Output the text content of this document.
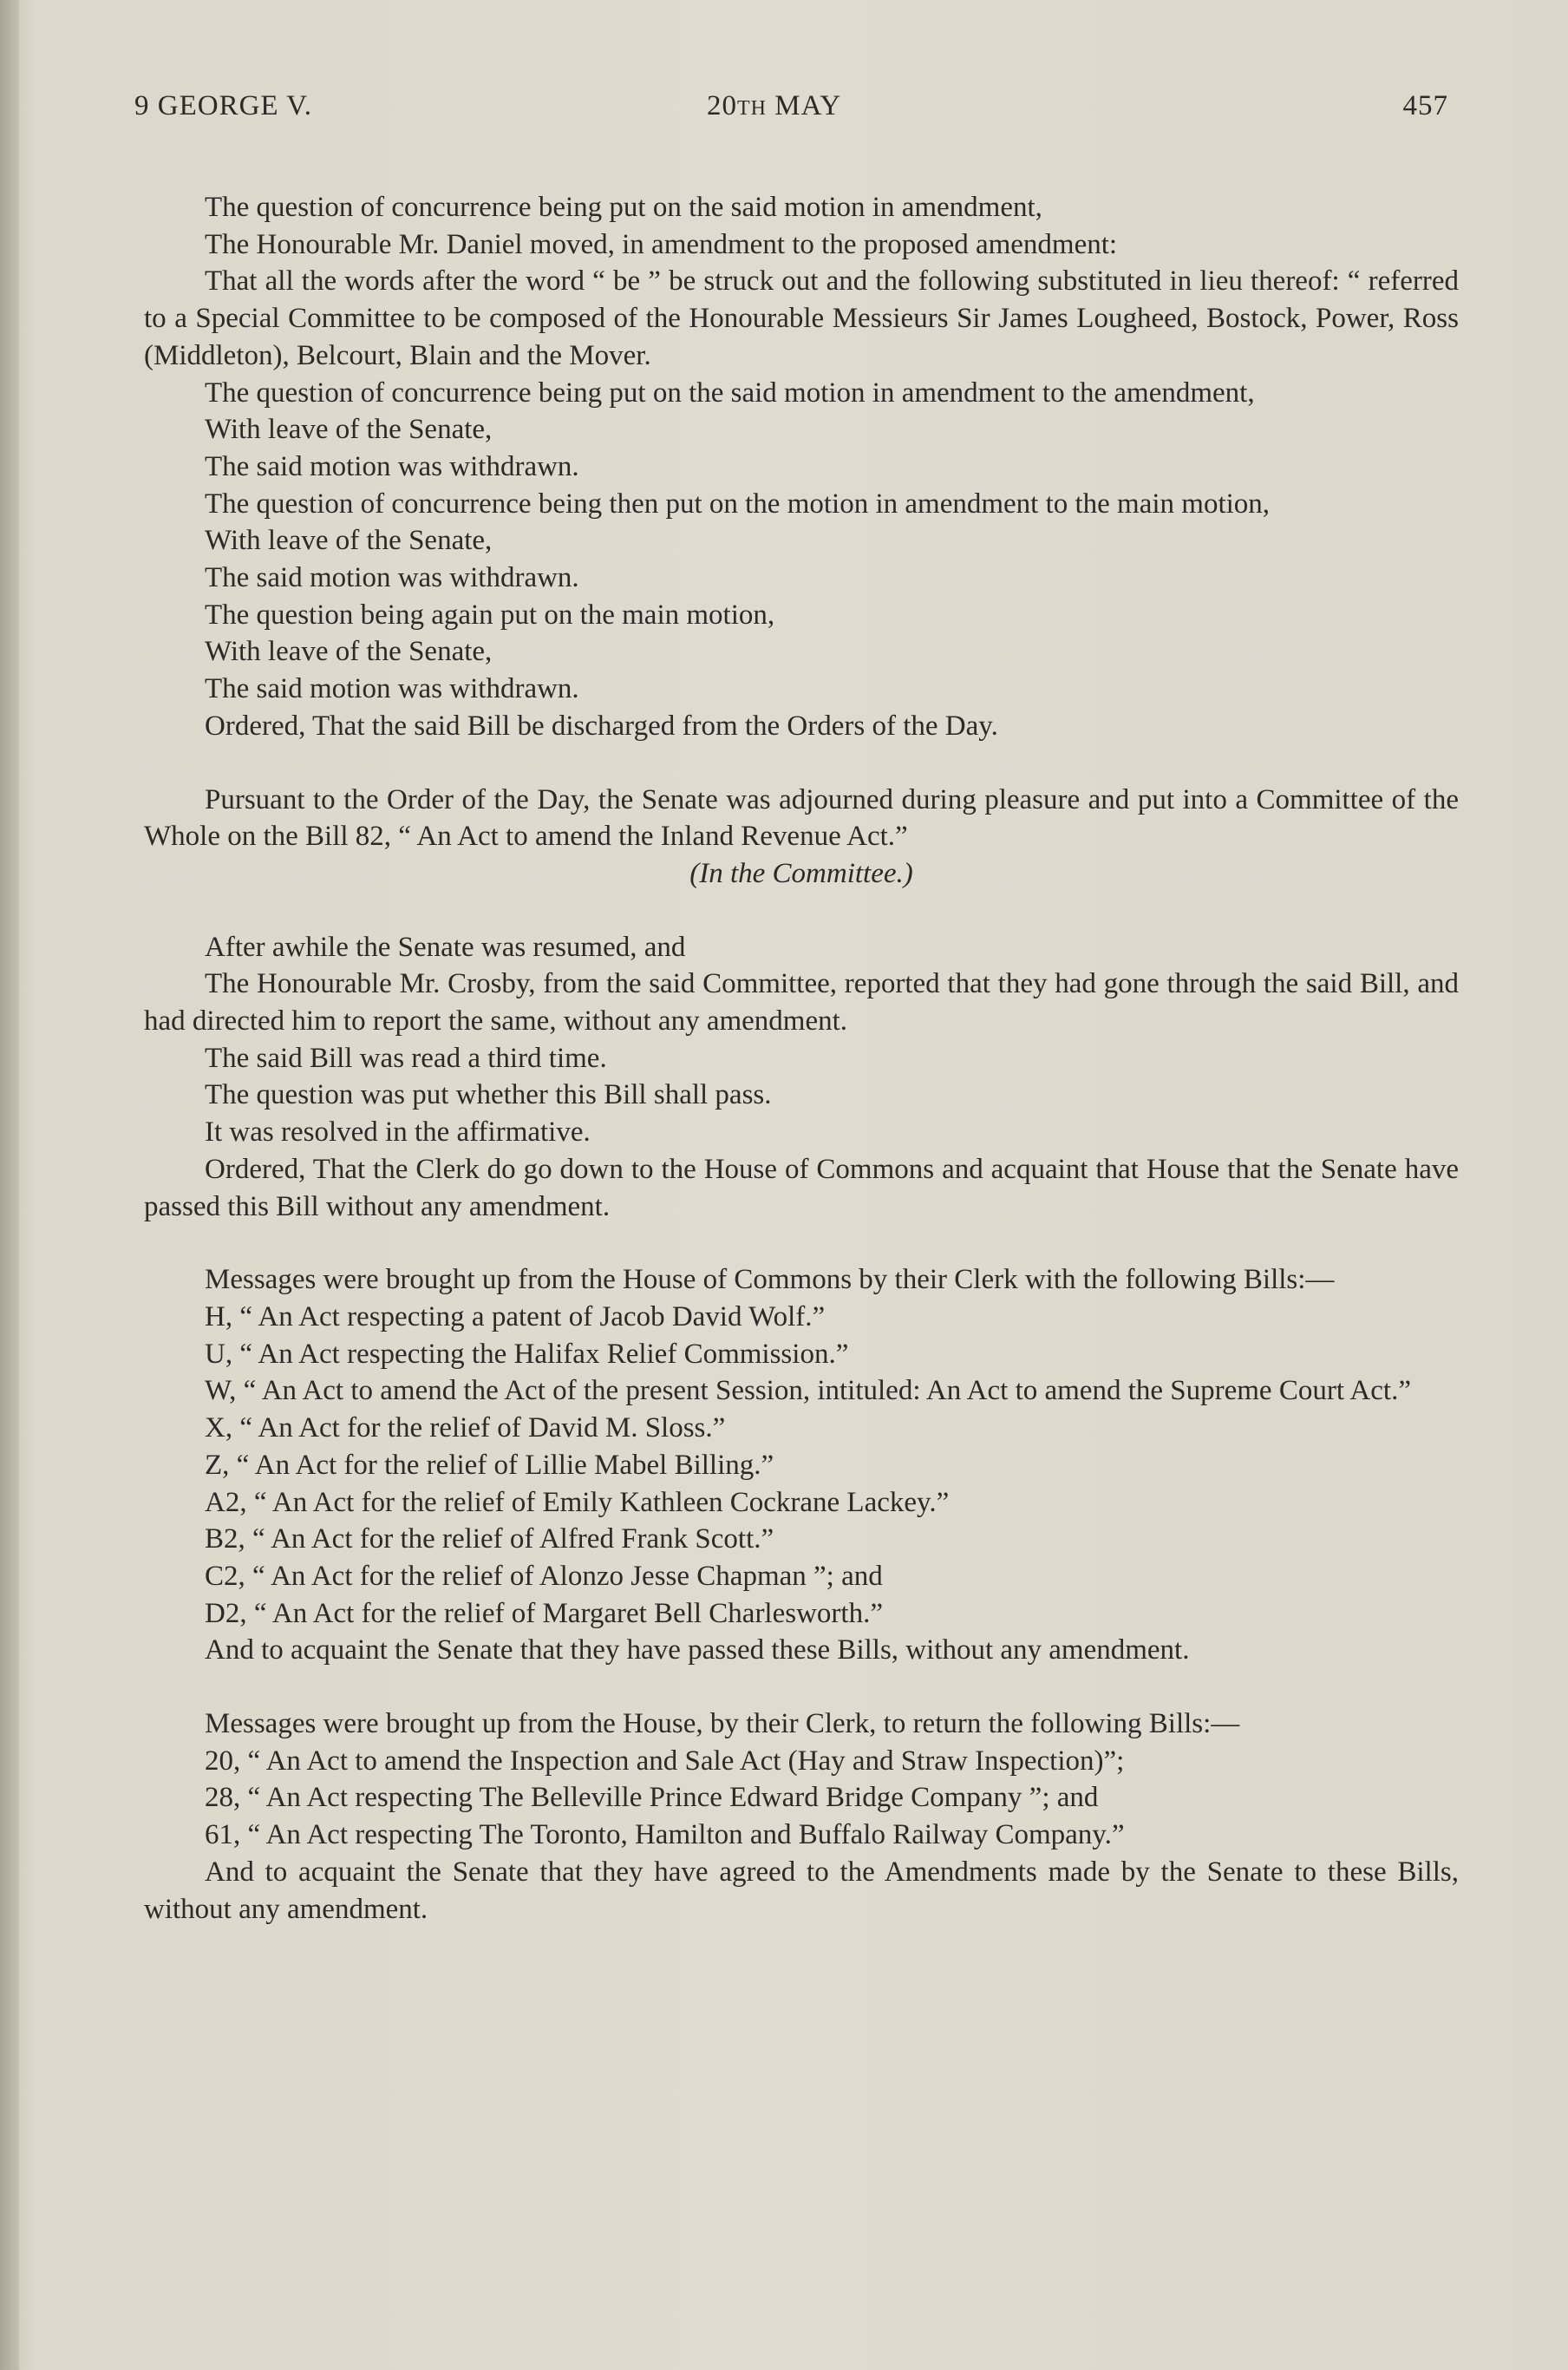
9 GEORGE V.	20TH MAY	457

The question of concurrence being put on the said motion in amendment,

The Honourable Mr. Daniel moved, in amendment to the proposed amendment:

That all the words after the word “ be ” be struck out and the following substituted in lieu thereof: “ referred to a Special Committee to be composed of the Honourable Messieurs Sir James Lougheed, Bostock, Power, Ross (Middleton), Belcourt, Blain and the Mover.

The question of concurrence being put on the said motion in amendment to the amendment,

With leave of the Senate,

The said motion was withdrawn.

The question of concurrence being then put on the motion in amendment to the main motion,

With leave of the Senate,

The said motion was withdrawn.

The question being again put on the main motion,

With leave of the Senate,

The said motion was withdrawn.

Ordered, That the said Bill be discharged from the Orders of the Day.

Pursuant to the Order of the Day, the Senate was adjourned during pleasure and put into a Committee of the Whole on the Bill 82, “ An Act to amend the Inland Revenue Act.”

(In the Committee.)

After awhile the Senate was resumed, and

The Honourable Mr. Crosby, from the said Committee, reported that they had gone through the said Bill, and had directed him to report the same, without any amendment.

The said Bill was read a third time.

The question was put whether this Bill shall pass.

It was resolved in the affirmative.

Ordered, That the Clerk do go down to the House of Commons and acquaint that House that the Senate have passed this Bill without any amendment.

Messages were brought up from the House of Commons by their Clerk with the following Bills:—

H, “ An Act respecting a patent of Jacob David Wolf.”

U, “ An Act respecting the Halifax Relief Commission.”

W, “ An Act to amend the Act of the present Session, intituled: An Act to amend the Supreme Court Act.”

X, “ An Act for the relief of David M. Sloss.”

Z, “ An Act for the relief of Lillie Mabel Billing.”

A2, “ An Act for the relief of Emily Kathleen Cockrane Lackey.”

B2, “ An Act for the relief of Alfred Frank Scott.”

C2, “ An Act for the relief of Alonzo Jesse Chapman ”; and

D2, “ An Act for the relief of Margaret Bell Charlesworth.”

And to acquaint the Senate that they have passed these Bills, without any amendment.

Messages were brought up from the House, by their Clerk, to return the following Bills:—

20, “ An Act to amend the Inspection and Sale Act (Hay and Straw Inspection)”;

28, “ An Act respecting The Belleville Prince Edward Bridge Company ”; and

61, “ An Act respecting The Toronto, Hamilton and Buffalo Railway Company.”

And to acquaint the Senate that they have agreed to the Amendments made by the Senate to these Bills, without any amendment.
